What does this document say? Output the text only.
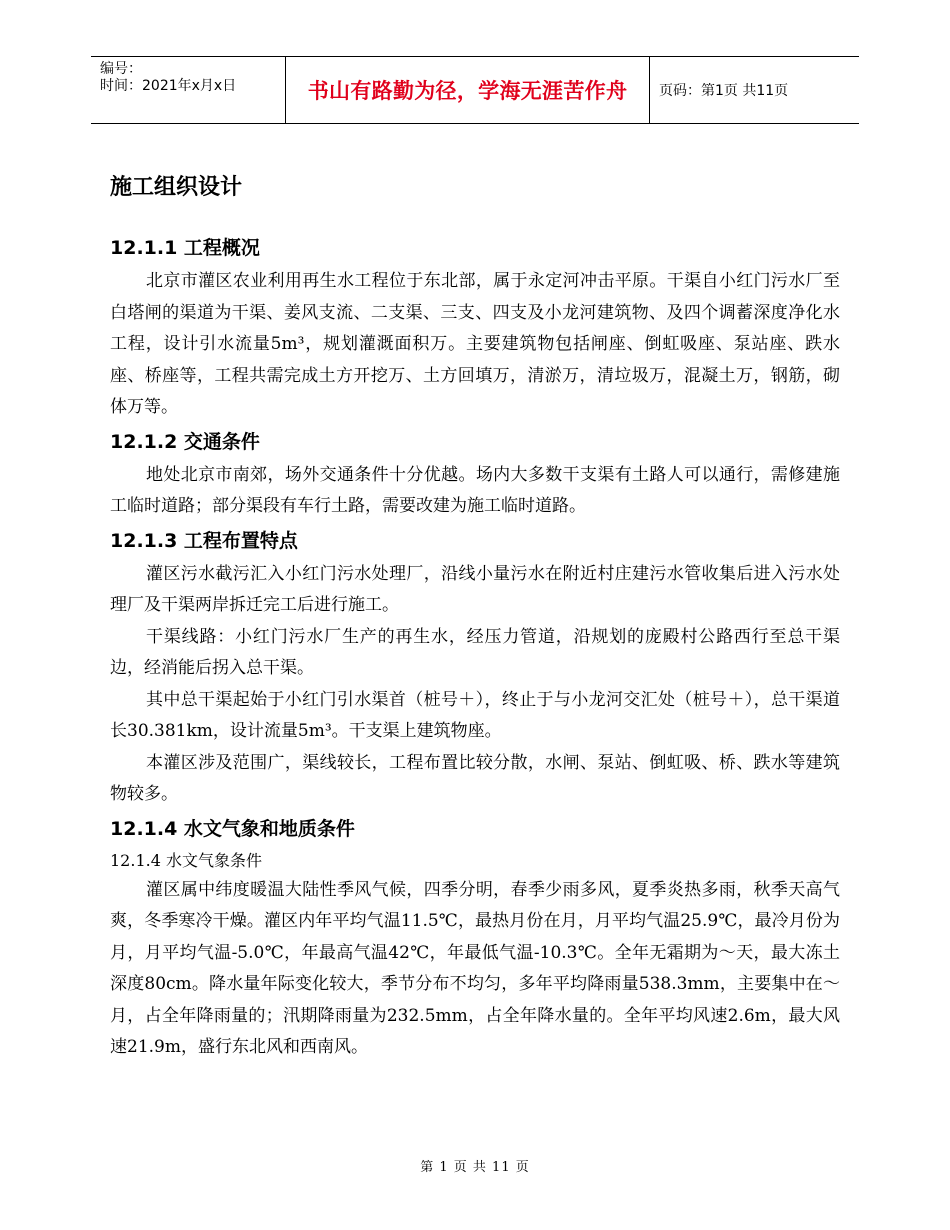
编号：
时间：2021年x月x日	书山有路勤为径，学海无涯苦作舟	页码：第1页 共11页
施工组织设计
12.1.1 工程概况

北京市灌区农业利用再生水工程位于东北部，属于永定河冲击平原。干渠自小红门污水厂至白塔闸的渠道为干渠、姜风支流、二支渠、三支、四支及小龙河建筑物、及四个调蓄深度净化水工程，设计引水流量5m³，规划灌溉面积万。主要建筑物包括闸座、倒虹吸座、泵站座、跌水座、桥座等，工程共需完成土方开挖万、土方回填万，清淤万，清垃圾万，混凝土万，钢筋，砌体万等。

12.1.2 交通条件

地处北京市南郊，场外交通条件十分优越。场内大多数干支渠有土路人可以通行，需修建施工临时道路；部分渠段有车行土路，需要改建为施工临时道路。

12.1.3 工程布置特点

灌区污水截污汇入小红门污水处理厂，沿线小量污水在附近村庄建污水管收集后进入污水处理厂及干渠两岸拆迁完工后进行施工。

干渠线路：小红门污水厂生产的再生水，经压力管道，沿规划的庞殿村公路西行至总干渠边，经消能后拐入总干渠。

其中总干渠起始于小红门引水渠首（桩号＋），终止于与小龙河交汇处（桩号＋），总干渠道长30.381km，设计流量5m³。干支渠上建筑物座。

本灌区涉及范围广，渠线较长，工程布置比较分散，水闸、泵站、倒虹吸、桥、跌水等建筑物较多。

12.1.4 水文气象和地质条件

12.1.4 水文气象条件

灌区属中纬度暖温大陆性季风气候，四季分明，春季少雨多风，夏季炎热多雨，秋季天高气爽，冬季寒冷干燥。灌区内年平均气温11.5℃，最热月份在月，月平均气温25.9℃，最冷月份为月，月平均气温-5.0℃，年最高气温42℃，年最低气温-10.3℃。全年无霜期为～天，最大冻土深度80cm。降水量年际变化较大，季节分布不均匀，多年平均降雨量538.3mm，主要集中在～月，占全年降雨量的；汛期降雨量为232.5mm，占全年降水量的。全年平均风速2.6m，最大风速21.9m，盛行东北风和西南风。

第 1 页 共 11 页
